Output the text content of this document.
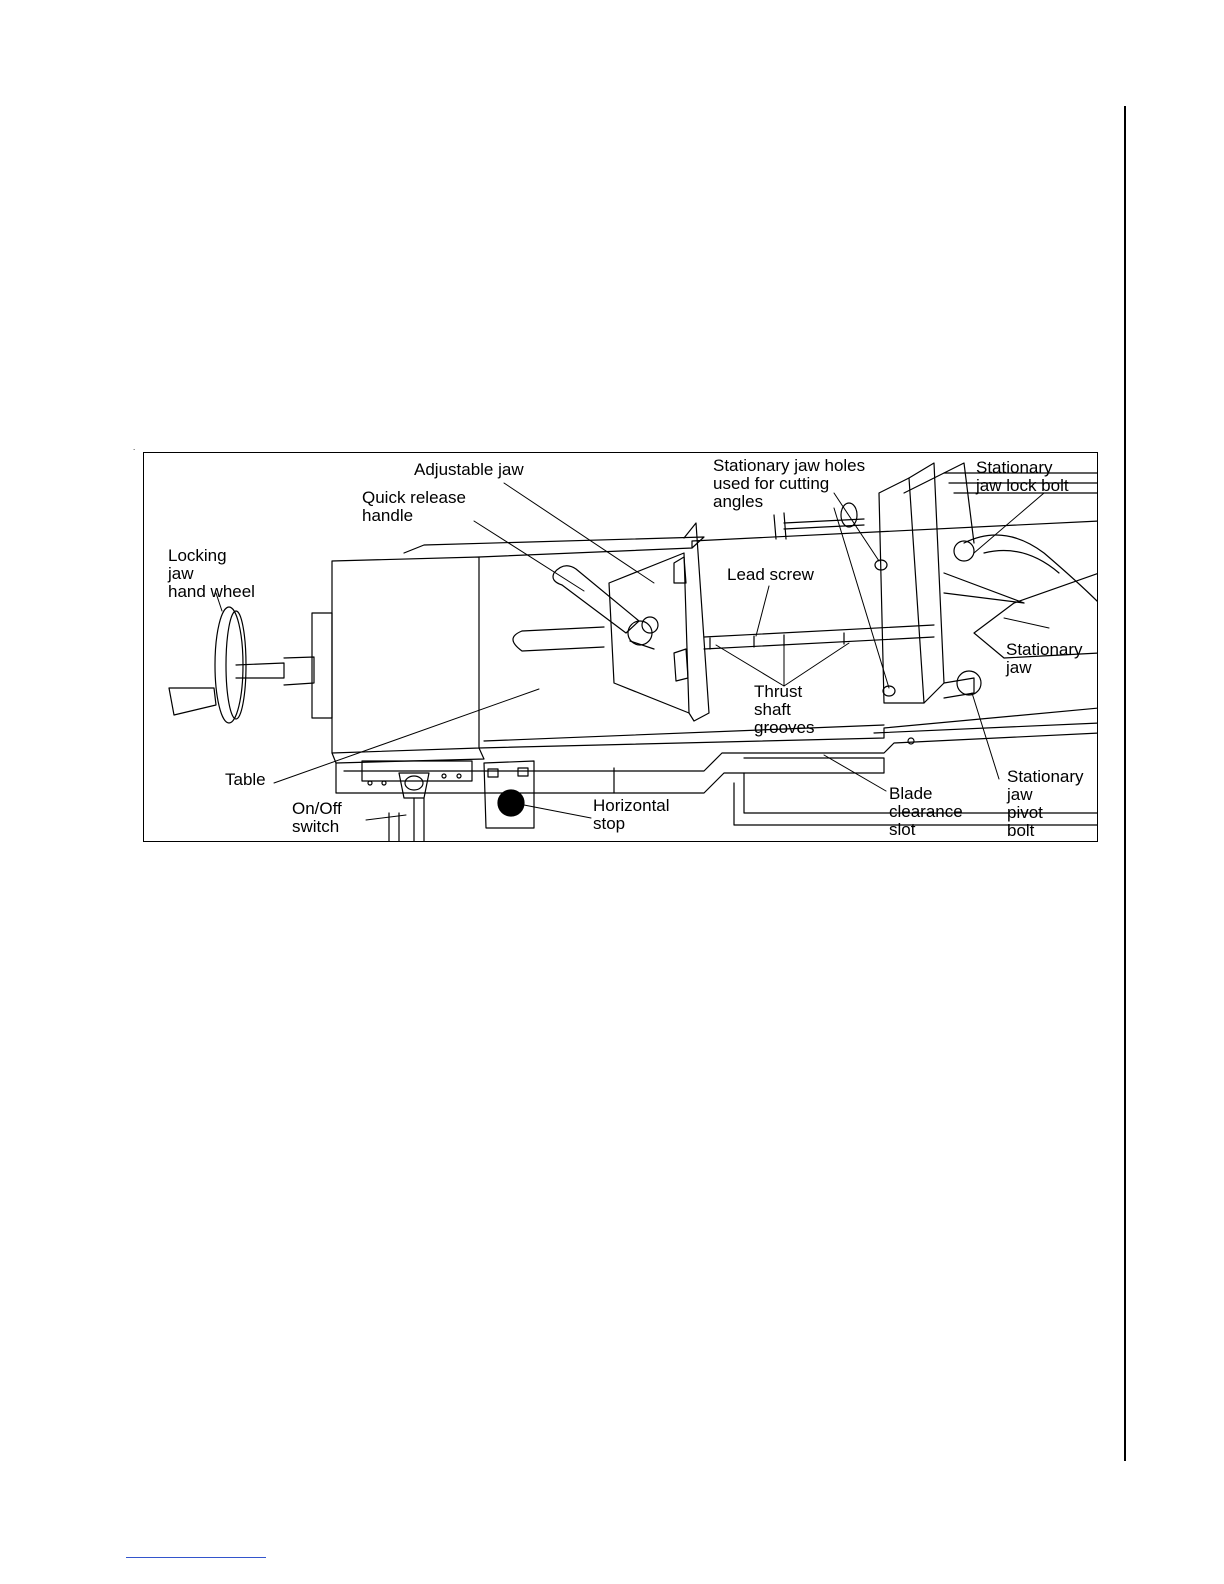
.
Adjustable jaw
Quick release
handle
Locking
jaw
hand wheel
Stationary jaw holes
used for cutting
angles
Stationary
jaw lock bolt
Lead screw
Stationary
jaw
Thrust
shaft
grooves
Table
On/Off
switch
Horizontal
stop
Blade
clearance
slot
Stationary
jaw
pivot
bolt
